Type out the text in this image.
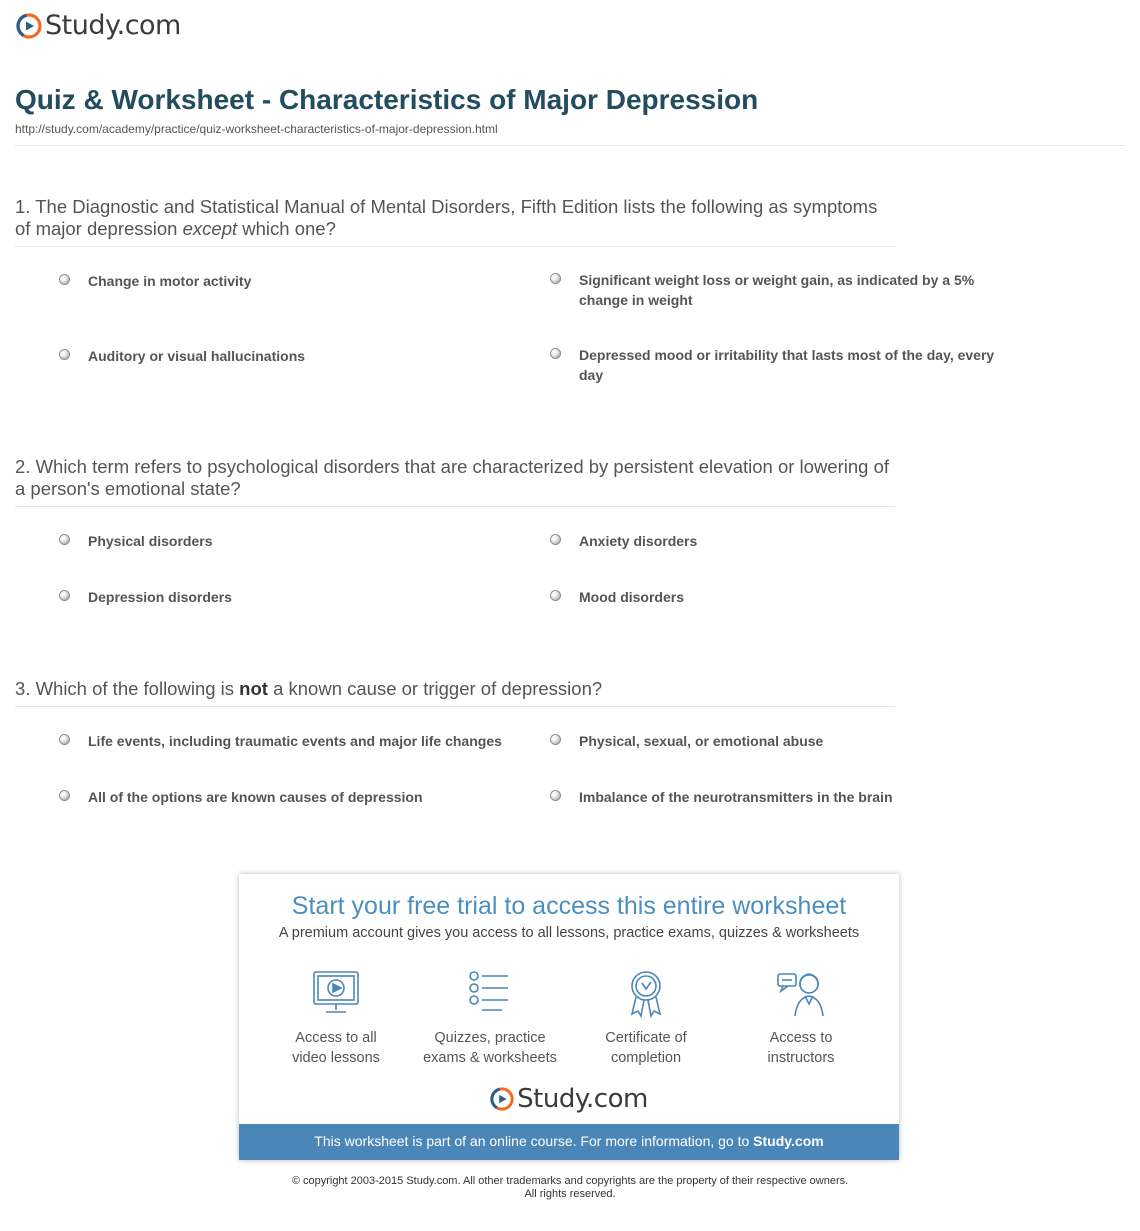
Study.com
Quiz & Worksheet - Characteristics of Major Depression
http://study.com/academy/practice/quiz-worksheet-characteristics-of-major-depression.html
1. The Diagnostic and Statistical Manual of Mental Disorders, Fifth Edition lists the following as symptoms of major depression except which one?
Change in motor activity	Significant weight loss or weight gain, as indicated by a 5% change in weight
Auditory or visual hallucinations	Depressed mood or irritability that lasts most of the day, every day
2. Which term refers to psychological disorders that are characterized by persistent elevation or lowering of a person's emotional state?
Physical disorders	Anxiety disorders
Depression disorders	Mood disorders
3. Which of the following is not a known cause or trigger of depression?
Life events, including traumatic events and major life changes	Physical, sexual, or emotional abuse
All of the options are known causes of depression	Imbalance of the neurotransmitters in the brain
Start your free trial to access this entire worksheet
A premium account gives you access to all lessons, practice exams, quizzes & worksheets
Access to all
video lessons
Quizzes, practice
exams & worksheets
Certificate of
completion
Access to
instructors
Study.com
This worksheet is part of an online course. For more information, go to Study.com
© copyright 2003-2015 Study.com. All other trademarks and copyrights are the property of their respective owners.
All rights reserved.
